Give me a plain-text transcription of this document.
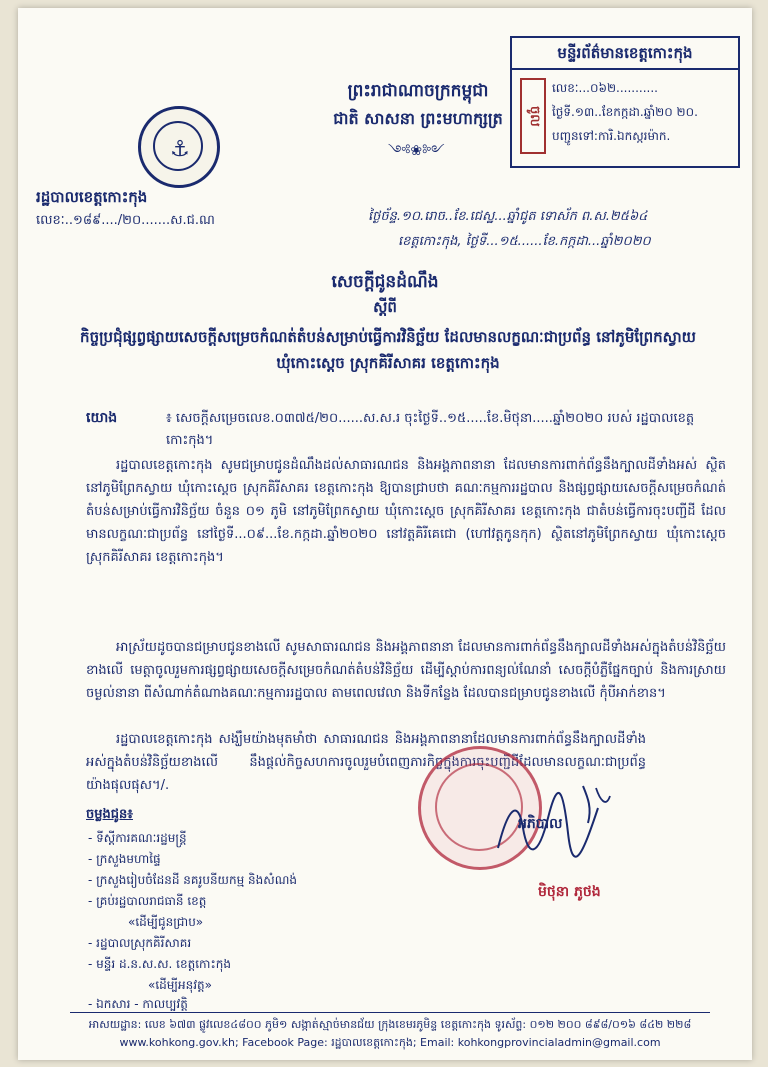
មន្ទីរព័ត៌មានខេត្តកោះកុង
ចូល
លេខៈ...០៦២...........
ថ្ងៃទី.១៣..ខែកក្កដា.ឆ្នាំ២០ ២០.
បញ្ជូនទៅ:ការិ.ឯកស្ករម៉ាក.
⚓
ព្រះរាជាណាចក្រកម្ពុជា
ជាតិ សាសនា ព្រះមហាក្សត្រ
༺❀༻
រដ្ឋបាលខេត្តកោះកុង
លេខៈ..១៨៩..../២០.......ស.ជ.ណ	ថ្ងៃច័ន្ទ.១០.រោច..ខែ.ជេស្ឋ...ឆ្នាំជូត ទោស័ក ព.ស.២៥៦៤
ខេត្តកោះកុង, ថ្ងៃទី...១៥......ខែ.កក្កដា...ឆ្នាំ២០២០
សេចក្តីជូនដំណឹង
ស្តីពី
កិច្ចប្រជុំផ្សព្វផ្សាយសេចក្តីសម្រេចកំណត់តំបន់សម្រាប់ធ្វើការវិនិច្ឆ័យ ដែលមានលក្ខណៈជាប្រព័ន្ធ នៅភូមិព្រែកស្វាយ ឃុំកោះស្តេច ស្រុកគិរីសាគរ ខេត្តកោះកុង
យោង	៖ សេចក្តីសម្រេចលេខ.០៣៧៥/២០......ស.ស.រ ចុះថ្ងៃទី..១៥.....ខែ.មិថុនា.....ឆ្នាំ២០២០ របស់ រដ្ឋបាលខេត្តកោះកុង។
រដ្ឋបាលខេត្តកោះកុង សូមជម្រាបជូនដំណឹងដល់សាធារណជន និងអង្គភាពនានា ដែលមានការពាក់ព័ន្ធនឹងក្បាលដីទាំងអស់ ស្ថិតនៅភូមិព្រែកស្វាយ ឃុំកោះស្តេច ស្រុកគិរីសាគរ ខេត្តកោះកុង ឱ្យបានជ្រាបថា គណៈកម្មការរដ្ឋបាល និងផ្សព្វផ្សាយសេចក្តីសម្រេចកំណត់តំបន់សម្រាប់ធ្វើការវិនិច្ឆ័យ ចំនួន ០១ ភូមិ នៅភូមិព្រែកស្វាយ ឃុំកោះស្តេច ស្រុកគិរីសាគរ ខេត្តកោះកុង ជាតំបន់ធ្វើការចុះបញ្ជីដី ដែលមានលក្ខណៈជាប្រព័ន្ធ នៅថ្ងៃទី...០៩...ខែ.កក្កដា.ឆ្នាំ២០២០ នៅវត្តគិរីគេជោ (ហៅវត្តកូនកុក) ស្ថិតនៅភូមិព្រែកស្វាយ ឃុំកោះស្តេច ស្រុកគិរីសាគរ ខេត្តកោះកុង។
អាស្រ័យដូចបានជម្រាបជូនខាងលើ សូមសាធារណជន និងអង្គភាពនានា ដែលមានការពាក់ព័ន្ធនឹងក្បាលដីទាំងអស់ក្នុងតំបន់វិនិច្ឆ័យខាងលើ មេត្តាចូលរួមការផ្សព្វផ្សាយសេចក្តីសម្រេចកំណត់តំបន់វិនិច្ឆ័យ ដើម្បីស្តាប់ការពន្យល់ណែនាំ សេចក្តីបំភ្លឺផ្នែកច្បាប់ និងការស្រាយចម្ងល់នានា ពីសំណាក់តំណាងគណៈកម្មការរដ្ឋបាល តាមពេលវេលា និងទីកន្លែង ដែលបានជម្រាបជូនខាងលើ កុំបីអាក់ខាន។
រដ្ឋបាលខេត្តកោះកុង សង្ឃឹមយ៉ាងមុតមាំថា សាធារណជន និងអង្គភាពនានាដែលមានការពាក់ព័ន្ធនឹងក្បាលដីទាំងអស់ក្នុងតំបន់វិនិច្ឆ័យខាងលើ នឹងផ្តល់កិច្ចសហការចូលរួមបំពេញភារកិច្ចក្នុងការចុះបញ្ជីដីដែលមានលក្ខណៈជាប្រព័ន្ធយ៉ាងផុលផុស។/.
អភិបាល
មិថុនា ភូថង
ចម្លងជូន៖
- ទីស្តីការគណៈរដ្ឋមន្ត្រី
- ក្រសួងមហាផ្ទៃ
- ក្រសួងរៀបចំដែនដី នគរូបនីយកម្ម និងសំណង់
- គ្រប់រដ្ឋបាលរាជធានី ខេត្ត
«ដើម្បីជូនជ្រាប»
- រដ្ឋបាលស្រុកគិរីសាគរ
- មន្ទីរ ដ.ន.ស.ស. ខេត្តកោះកុង
«ដើម្បីអនុវត្ត»
- ឯកសារ - កាលប្បវត្តិ
អាសយដ្ឋាន: លេខ ៦៧៣ ផ្លូវលេខ៤៨០០ ភូមិ១ សង្កាត់ស្មាច់មានជ័យ ក្រុងខេមរភូមិន្ទ ខេត្តកោះកុង ទូរស័ព្ទ: ០១២ ២០០ ៨៩៨/០១៦ ៨៤២ ២២៨
www.kohkong.gov.kh; Facebook Page: រដ្ឋបាលខេត្តកោះកុង; Email: kohkongprovincialadmin@gmail.com
